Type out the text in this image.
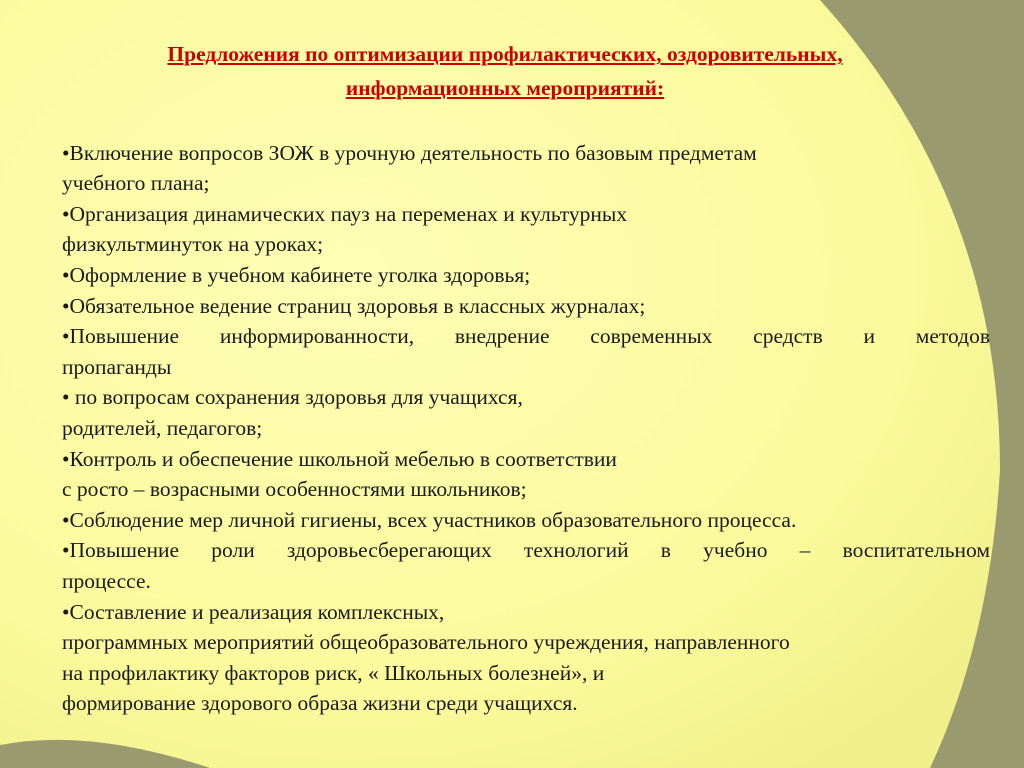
Предложения по оптимизации профилактических, оздоровительных,
информационных мероприятий:
•Включение вопросов ЗОЖ в урочную деятельность по базовым предметам
учебного плана;
•Организация динамических пауз на переменах и культурных
физкультминуток на уроках;
•Оформление в учебном кабинете уголка здоровья;
•Обязательное ведение страниц здоровья в классных журналах;
•Повышение информированности, внедрение современных средств и методов
пропаганды
• по вопросам сохранения здоровья для учащихся,
родителей, педагогов;
•Контроль и обеспечение школьной мебелью в соответствии
с росто – возрасными особенностями школьников;
•Соблюдение мер личной гигиены, всех участников образовательного процесса.
•Повышение роли здоровьесберегающих технологий в учебно – воспитательном
процессе.
•Составление и реализация комплексных,
программных мероприятий общеобразовательного учреждения, направленного
на профилактику факторов риск, « Школьных болезней», и
формирование здорового образа жизни среди учащихся.
